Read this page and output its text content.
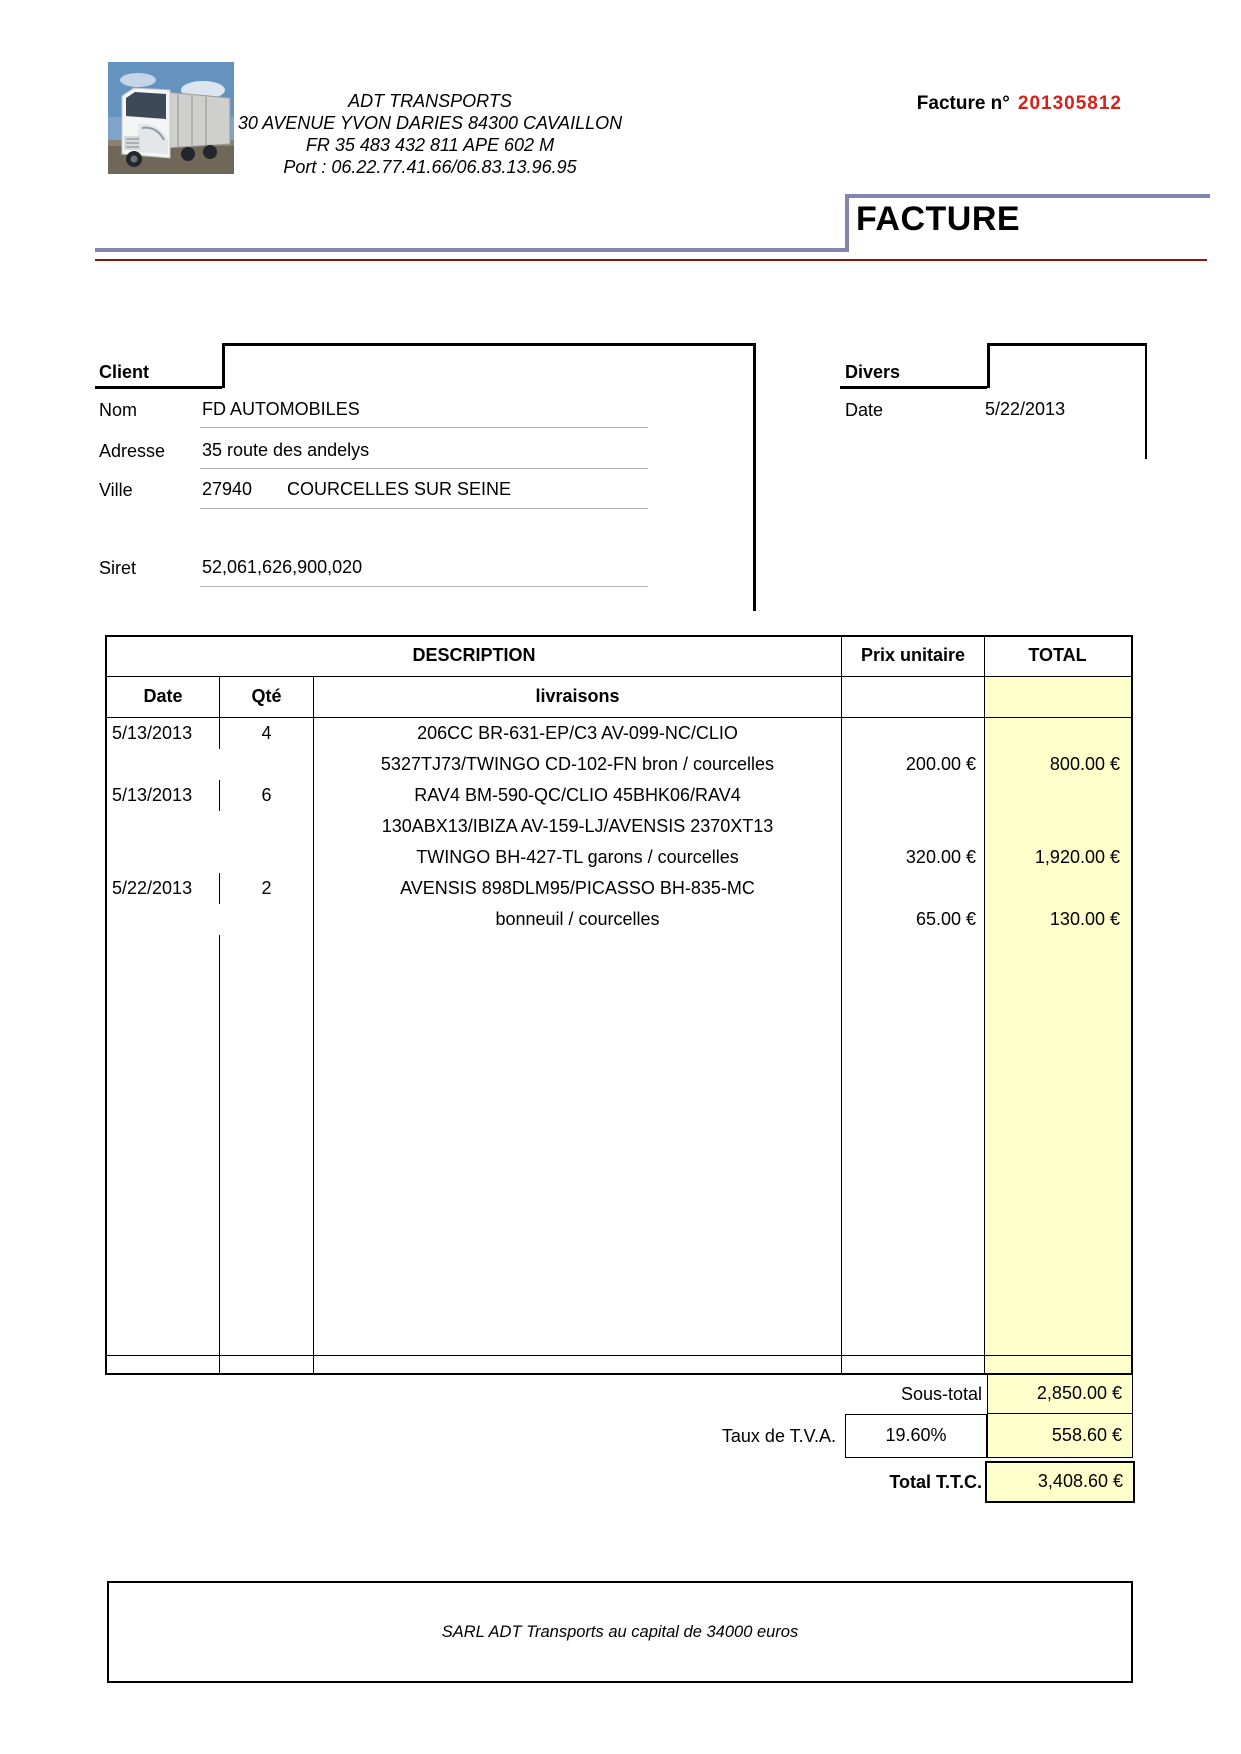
ADT TRANSPORTS
30 AVENUE YVON DARIES 84300 CAVAILLON
FR 35 483 432 811 APE 602 M
Port : 06.22.77.41.66/06.83.13.96.95
Facture n° 201305812
FACTURE
Client
Nom	FD AUTOMOBILES
Adresse 35 route des andelys
Ville	27940 COURCELLES SUR SEINE
Siret	52,061,626,900,020
Divers
Date	5/22/2013
DESCRIPTION	Prix unitaire	TOTAL
Date	Qté	livraisons
5/13/2013	4	206CC BR-631-EP/C3 AV-099-NC/CLIO
5327TJ73/TWINGO CD-102-FN bron / courcelles	200.00 €	800.00 €
5/13/2013	6	RAV4 BM-590-QC/CLIO 45BHK06/RAV4
130ABX13/IBIZA AV-159-LJ/AVENSIS 2370XT13
TWINGO BH-427-TL garons / courcelles	320.00 €	1,920.00 €
5/22/2013	2	AVENSIS 898DLM95/PICASSO BH-835-MC
bonneuil / courcelles	65.00 €	130.00 €
Sous-total	2,850.00 €
Taux de T.V.A.	19.60%	558.60 €
Total T.T.C.	3,408.60 €
SARL ADT Transports au capital de 34000 euros
